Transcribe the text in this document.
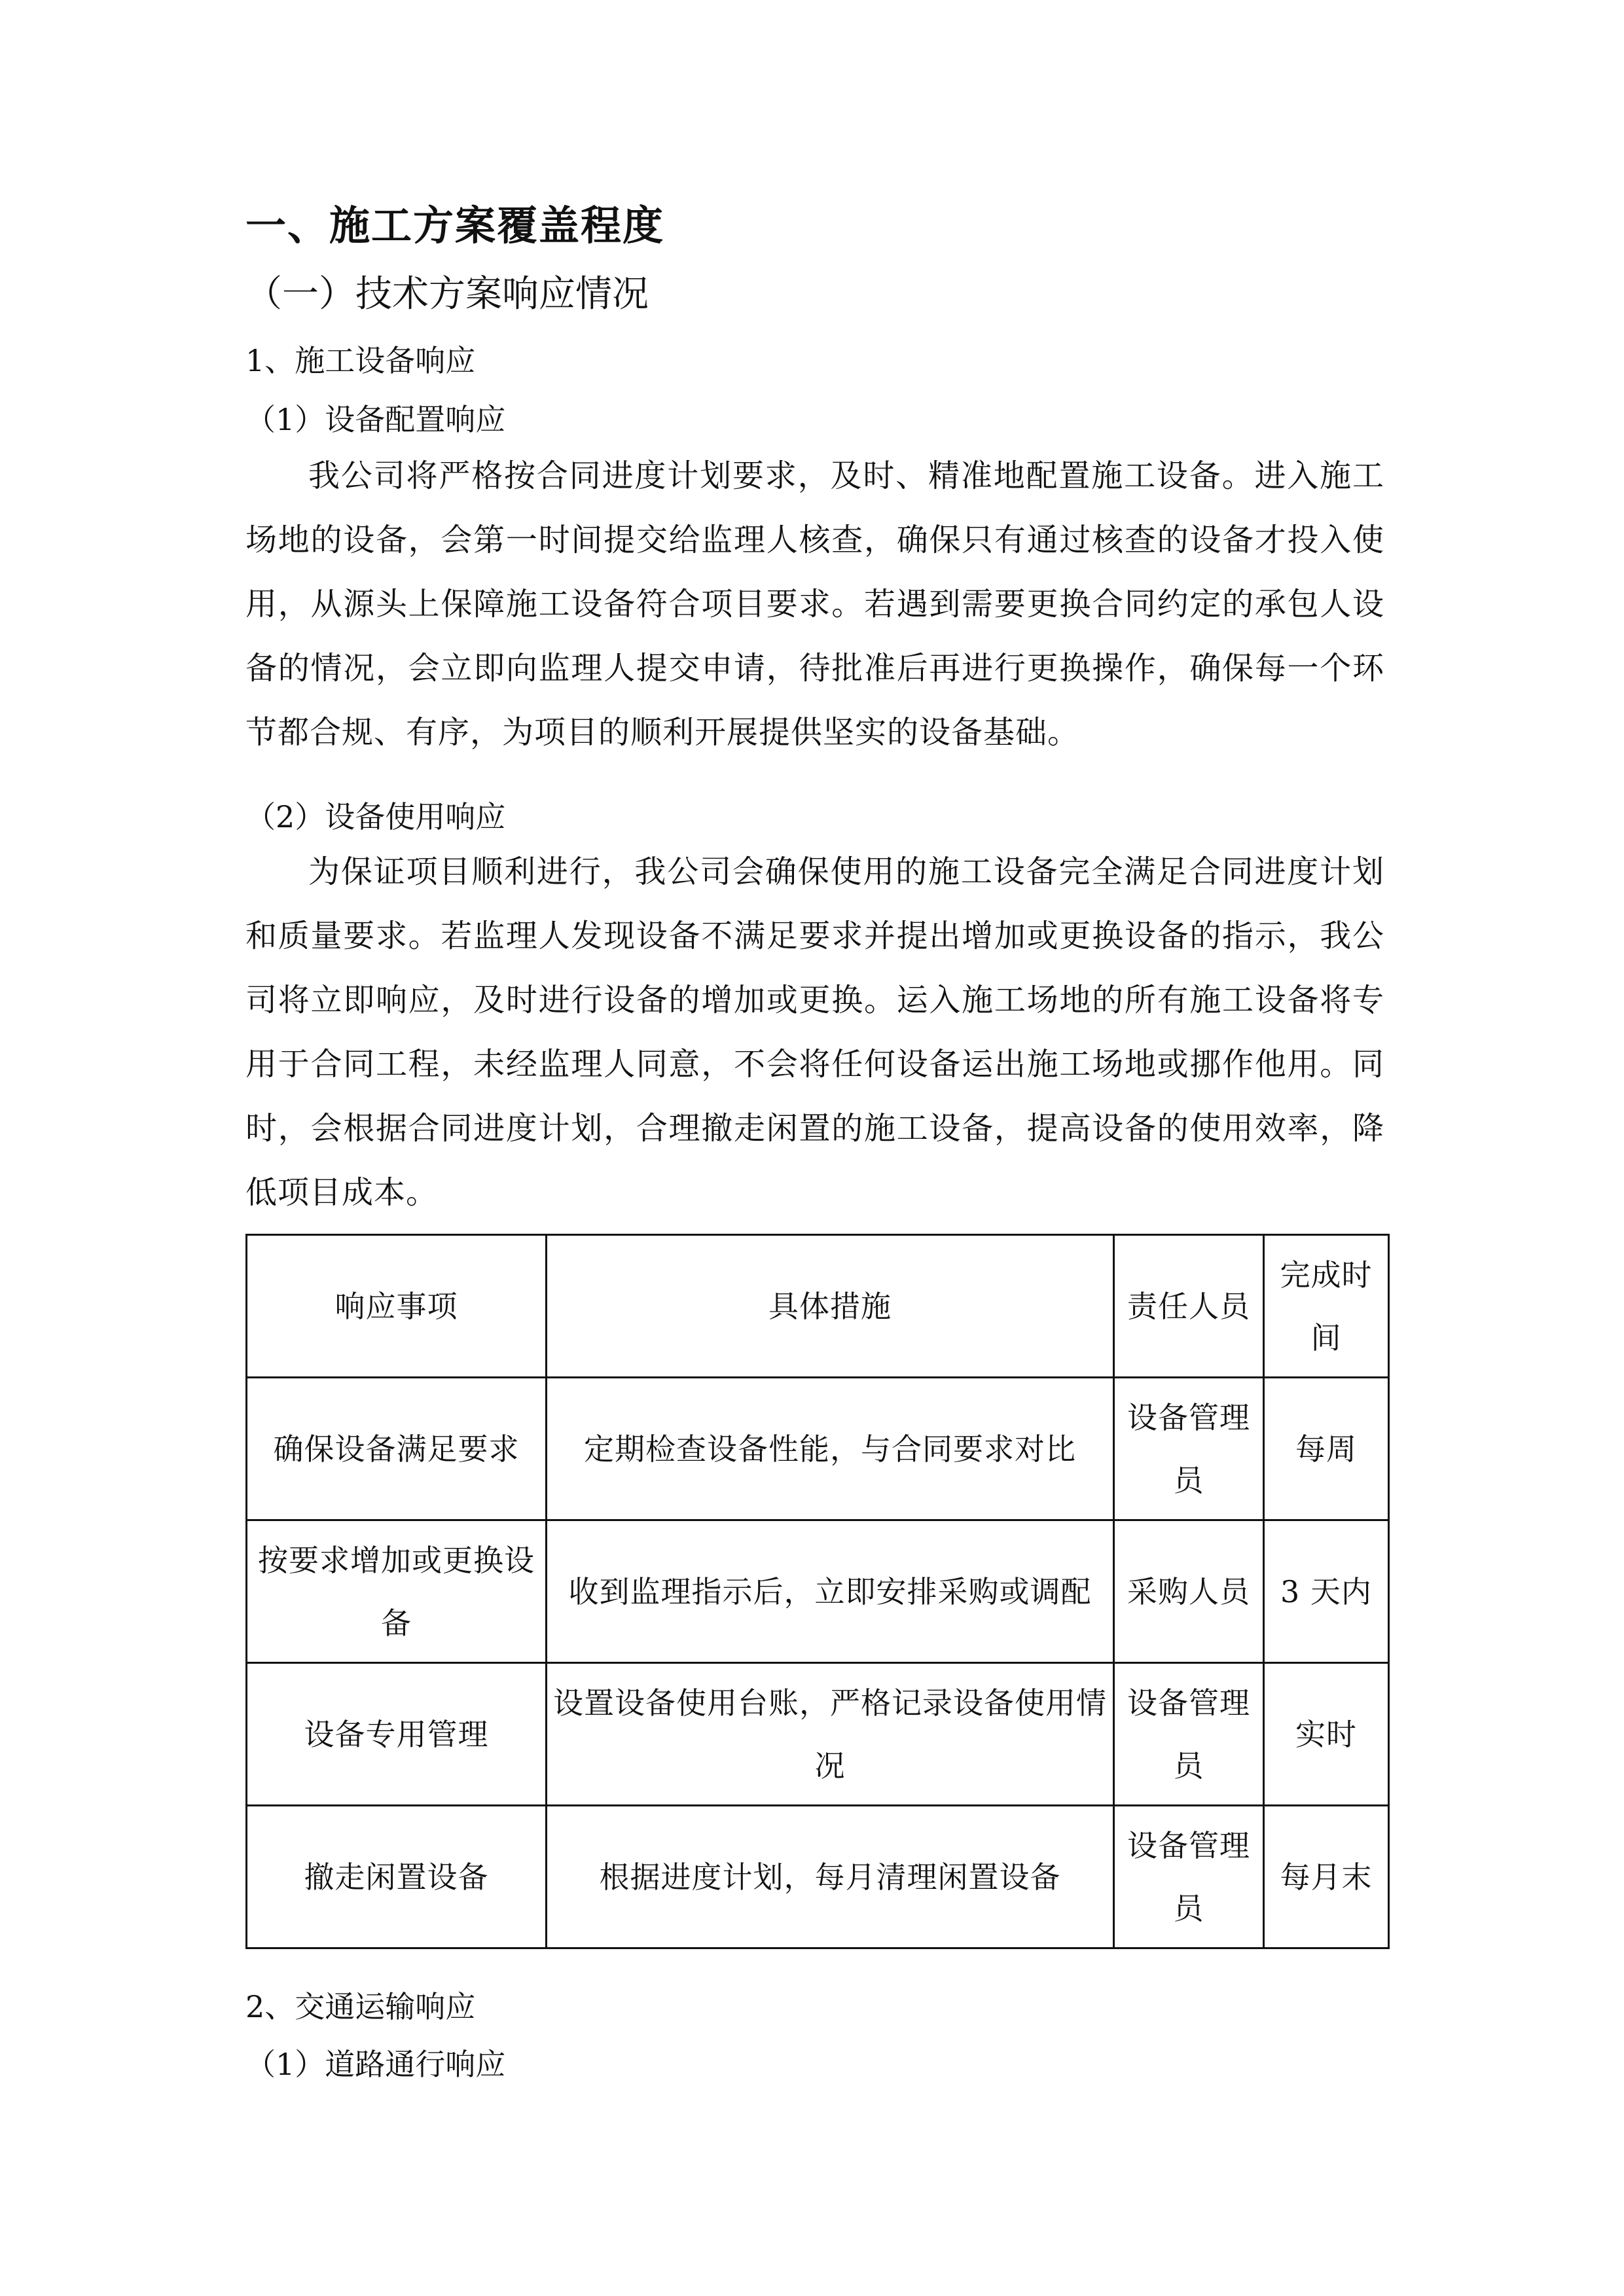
一、施工方案覆盖程度
（一）技术方案响应情况
1、施工设备响应
（1）设备配置响应
我公司将严格按合同进度计划要求，及时、精准地配置施工设备。进入施工场地的设备，会第一时间提交给监理人核查，确保只有通过核查的设备才投入使用，从源头上保障施工设备符合项目要求。若遇到需要更换合同约定的承包人设备的情况，会立即向监理人提交申请，待批准后再进行更换操作，确保每一个环节都合规、有序，为项目的顺利开展提供坚实的设备基础。
（2）设备使用响应
为保证项目顺利进行，我公司会确保使用的施工设备完全满足合同进度计划和质量要求。若监理人发现设备不满足要求并提出增加或更换设备的指示，我公司将立即响应，及时进行设备的增加或更换。运入施工场地的所有施工设备将专用于合同工程，未经监理人同意，不会将任何设备运出施工场地或挪作他用。同时，会根据合同进度计划，合理撤走闲置的施工设备，提高设备的使用效率，降低项目成本。
响应事项	具体措施	责任人员	完成时间
确保设备满足要求	定期检查设备性能，与合同要求对比	设备管理员	每周
按要求增加或更换设备	收到监理指示后，立即安排采购或调配	采购人员	3 天内
设备专用管理	设置设备使用台账，严格记录设备使用情况	设备管理员	实时
撤走闲置设备	根据进度计划，每月清理闲置设备	设备管理员	每月末
2、交通运输响应
（1）道路通行响应
